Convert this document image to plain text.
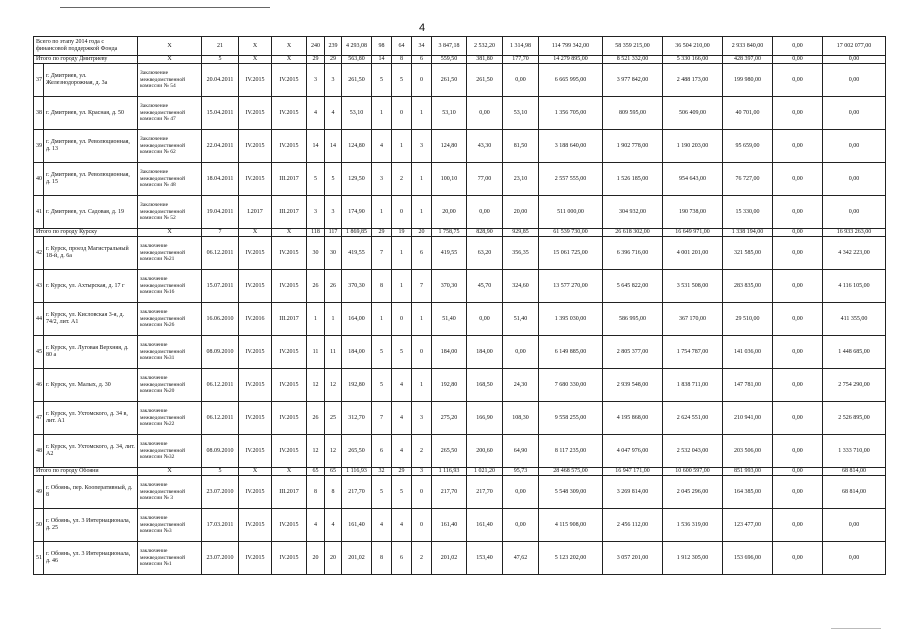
4
Всего по этапу 2014 года с финансовой поддержкой Фонда		X	21	X	X	240	239	4 293,08	98	64	34	3 847,18	2 532,20	1 314,98	114 799 342,00	58 359 215,00	36 504 210,00	2 933 840,00	0,00	17 002 077,00
Итого по городу Дмитриеву		X	5	X	X	29	29	563,80	14	8	6	559,50	381,80	177,70	14 279 895,00	8 521 332,00	5 330 166,00	428 397,00	0,00	0,00
37	г. Дмитриев, ул. Железнодорожная, д. 3а	Заключение межведомственной комиссии № 54	20.04.2011	IV.2015	IV.2015	3	3	261,50	5	5	0	261,50	261,50	0,00	6 665 995,00	3 977 842,00	2 488 173,00	199 980,00	0,00	0,00
38	г. Дмитриев, ул. Красная, д. 50	Заключение межведомственной комиссии № 47	15.04.2011	IV.2015	IV.2015	4	4	53,10	1	0	1	53,10	0,00	53,10	1 356 705,00	809 595,00	506 409,00	40 701,00	0,00	0,00
39	г. Дмитриев, ул. Революционная, д. 13	Заключение межведомственной комиссии № 62	22.04.2011	IV.2015	IV.2015	14	14	124,80	4	1	3	124,80	43,30	81,50	3 188 640,00	1 902 778,00	1 190 203,00	95 659,00	0,00	0,00
40	г. Дмитриев, ул. Революционная, д. 15	Заключение межведомственной комиссии № 48	18.04.2011	IV.2015	III.2017	5	5	129,50	3	2	1	100,10	77,00	23,10	2 557 555,00	1 526 185,00	954 643,00	76 727,00	0,00	0,00
41	г. Дмитриев, ул. Садовая, д. 19	Заключение межведомственной комиссии № 52	19.04.2011	I.2017	III.2017	3	3	174,90	1	0	1	20,00	0,00	20,00	511 000,00	304 932,00	190 738,00	15 330,00	0,00	0,00
Итого по городу Курску		X	7	X	X	118	117	1 869,85	29	19	20	1 758,75	828,90	929,85	61 539 730,00	26 618 302,00	16 649 971,00	1 338 194,00	0,00	16 933 263,00
42	г. Курск, проезд Магистральный 18-й, д. 6а	заключение межведомственной комиссии №21	06.12.2011	IV.2015	IV.2015	30	30	419,55	7	1	6	419,55	63,20	356,35	15 061 725,00	6 396 716,00	4 001 201,00	321 585,00	0,00	4 342 223,00
43	г. Курск, ул. Ахтырская, д. 17 г	заключение межведомственной комиссии №16	15.07.2011	IV.2015	IV.2015	26	26	370,30	8	1	7	370,30	45,70	324,60	13 577 270,00	5 645 822,00	3 531 508,00	283 835,00	0,00	4 116 105,00
44	г. Курск, ул. Кисловская 3-я, д. 74/2, лит. А1	заключение межведомственной комиссии №26	16.06.2010	IV.2016	III.2017	1	1	164,00	1	0	1	51,40	0,00	51,40	1 395 030,00	586 995,00	367 170,00	29 510,00	0,00	411 355,00
45	г. Курск, ул. Луговая Верхняя, д. 80 а	заключение межведомственной комиссии №31	08.09.2010	IV.2015	IV.2015	11	11	184,00	5	5	0	184,00	184,00	0,00	6 149 885,00	2 805 377,00	1 754 787,00	141 036,00	0,00	1 448 685,00
46	г. Курск, ул. Малых, д. 30	заключение межведомственной комиссии №20	06.12.2011	IV.2015	IV.2015	12	12	192,80	5	4	1	192,80	168,50	24,30	7 680 330,00	2 939 548,00	1 838 711,00	147 781,00	0,00	2 754 290,00
47	г. Курск, ул. Ухтомского, д. 34 в, лит. А1	заключение межведомственной комиссии №22	06.12.2011	IV.2015	IV.2015	26	25	312,70	7	4	3	275,20	166,90	108,30	9 558 255,00	4 195 868,00	2 624 551,00	210 941,00	0,00	2 526 895,00
48	г. Курск, ул. Ухтомского, д. 34, лит. А2	заключение межведомственной комиссии №32	08.09.2010	IV.2015	IV.2015	12	12	265,50	6	4	2	265,50	200,60	64,90	8 117 235,00	4 047 976,00	2 532 043,00	203 506,00	0,00	1 333 710,00
Итого по городу Обояни		X	5	X	X	65	65	1 116,93	32	29	3	1 116,93	1 021,20	95,73	28 468 575,00	16 947 171,00	10 600 597,00	851 993,00	0,00	68 814,00
49	г. Обоянь, пер. Кооперативный, д. 8	заключение межведомственной комиссии № 3	23.07.2010	IV.2015	III.2017	8	8	217,70	5	5	0	217,70	217,70	0,00	5 548 309,00	3 269 814,00	2 045 296,00	164 385,00	0,00	68 814,00
50	г. Обоянь, ул. 3 Интернационала, д. 25	заключение межведомственной комиссии №3	17.03.2011	IV.2015	IV.2015	4	4	161,40	4	4	0	161,40	161,40	0,00	4 115 908,00	2 456 112,00	1 536 319,00	123 477,00	0,00	0,00
51	г. Обоянь, ул. 3 Интернационала, д. 46	заключение межведомственной комиссии №1	23.07.2010	IV.2015	IV.2015	20	20	201,02	8	6	2	201,02	153,40	47,62	5 123 202,00	3 057 201,00	1 912 305,00	153 696,00	0,00	0,00
